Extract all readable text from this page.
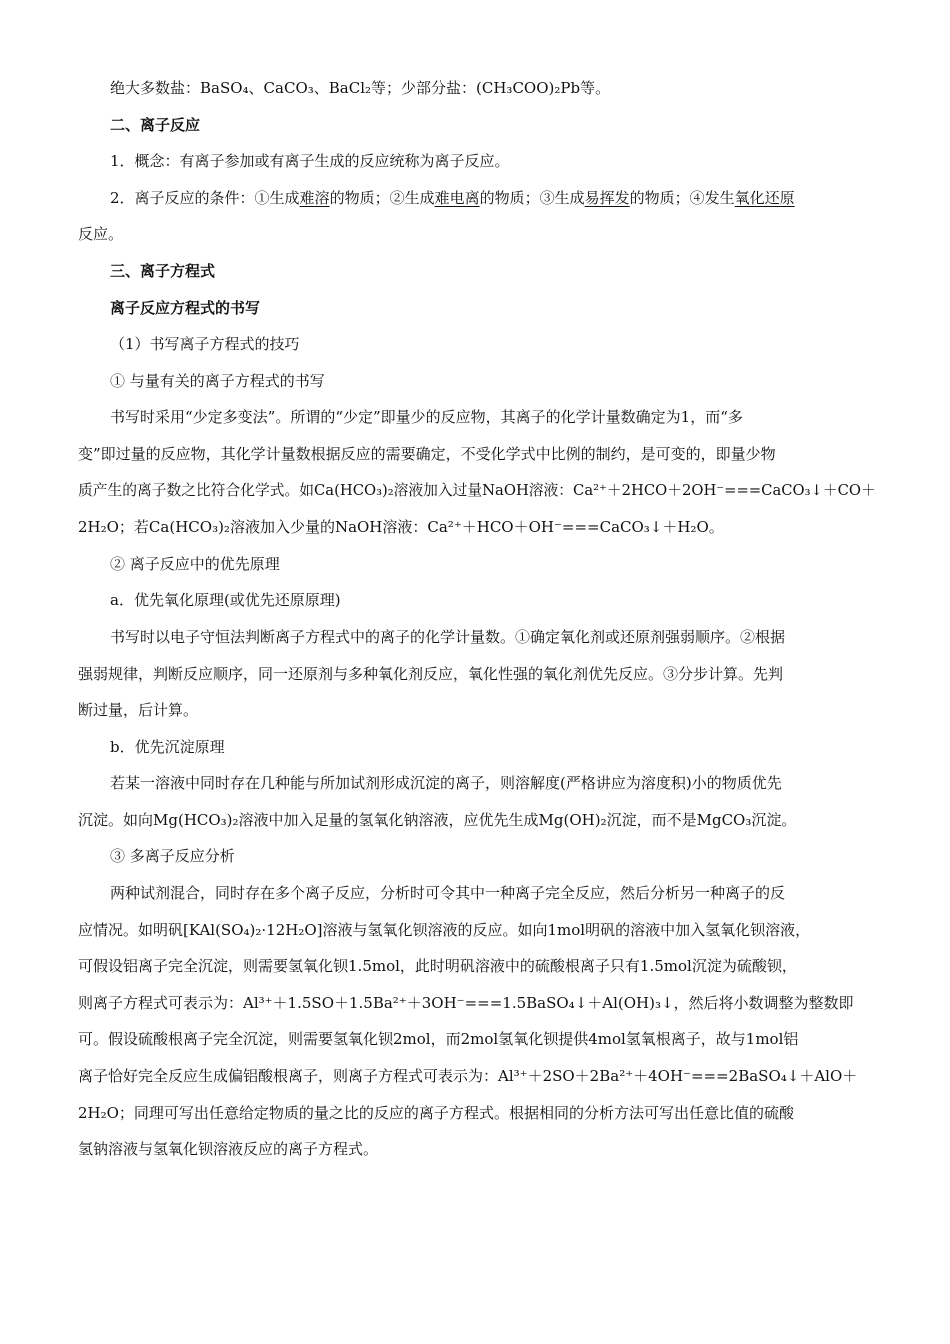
绝大多数盐：BaSO₄、CaCO₃、BaCl₂等；少部分盐：(CH₃COO)₂Pb等。
二、离子反应
1．概念：有离子参加或有离子生成的反应统称为离子反应。
2．离子反应的条件：①生成难溶的物质；②生成难电离的物质；③生成易挥发的物质；④发生氧化还原
反应。
三、离子方程式
离子反应方程式的书写
（1）书写离子方程式的技巧
① 与量有关的离子方程式的书写
书写时采用“少定多变法”。所谓的“少定”即量少的反应物，其离子的化学计量数确定为1，而“多
变”即过量的反应物，其化学计量数根据反应的需要确定，不受化学式中比例的制约，是可变的，即量少物
质产生的离子数之比符合化学式。如Ca(HCO₃)₂溶液加入过量NaOH溶液：Ca²⁺＋2HCO＋2OH⁻===CaCO₃↓＋CO＋
2H₂O；若Ca(HCO₃)₂溶液加入少量的NaOH溶液：Ca²⁺＋HCO＋OH⁻===CaCO₃↓＋H₂O。
② 离子反应中的优先原理
a．优先氧化原理(或优先还原原理)
书写时以电子守恒法判断离子方程式中的离子的化学计量数。①确定氧化剂或还原剂强弱顺序。②根据
强弱规律，判断反应顺序，同一还原剂与多种氧化剂反应，氧化性强的氧化剂优先反应。③分步计算。先判
断过量，后计算。
b．优先沉淀原理
若某一溶液中同时存在几种能与所加试剂形成沉淀的离子，则溶解度(严格讲应为溶度积)小的物质优先
沉淀。如向Mg(HCO₃)₂溶液中加入足量的氢氧化钠溶液，应优先生成Mg(OH)₂沉淀，而不是MgCO₃沉淀。
③ 多离子反应分析
两种试剂混合，同时存在多个离子反应，分析时可令其中一种离子完全反应，然后分析另一种离子的反
应情况。如明矾[KAl(SO₄)₂·12H₂O]溶液与氢氧化钡溶液的反应。如向1mol明矾的溶液中加入氢氧化钡溶液，
可假设铝离子完全沉淀，则需要氢氧化钡1.5mol，此时明矾溶液中的硫酸根离子只有1.5mol沉淀为硫酸钡，
则离子方程式可表示为：Al³⁺＋1.5SO＋1.5Ba²⁺＋3OH⁻===1.5BaSO₄↓＋Al(OH)₃↓，然后将小数调整为整数即
可。假设硫酸根离子完全沉淀，则需要氢氧化钡2mol，而2mol氢氧化钡提供4mol氢氧根离子，故与1mol铝
离子恰好完全反应生成偏铝酸根离子，则离子方程式可表示为：Al³⁺＋2SO＋2Ba²⁺＋4OH⁻===2BaSO₄↓＋AlO＋
2H₂O；同理可写出任意给定物质的量之比的反应的离子方程式。根据相同的分析方法可写出任意比值的硫酸
氢钠溶液与氢氧化钡溶液反应的离子方程式。
